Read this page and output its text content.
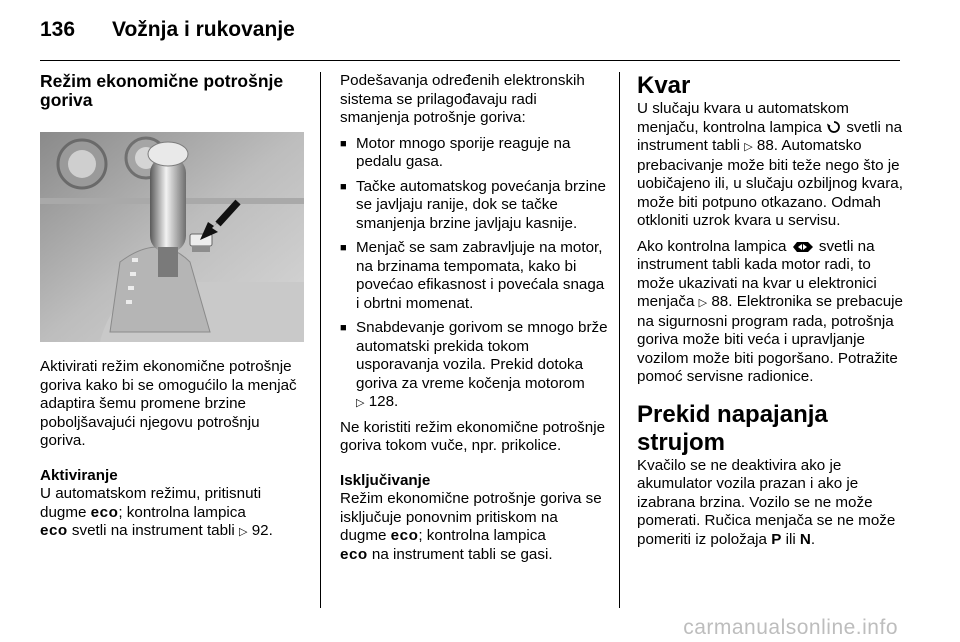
136 Vožnja i rukovanje
Režim ekonomične potrošnje goriva

Aktivirati režim ekonomične potrošnje goriva kako bi se omogućilo la menjač adaptira šemu promene brzine poboljšavajući njegovu potrošnju goriva.

Aktiviranje

U automatskom režimu, pritisnuti dugme eco; kontrolna lampica
eco svetli na instrument tabli ▷ 92.

Podešavanja određenih elektronskih sistema se prilagođavaju radi smanjenja potrošnje goriva:

■ Motor mnogo sporije reaguje na pedalu gasa.
■ Tačke automatskog povećanja brzine se javljaju ranije, dok se tačke smanjenja brzine javljaju kasnije.
■ Menjač se sam zabravljuje na motor, na brzinama tempomata, kako bi povećao efikasnost i povećala snaga i obrtni momenat.
■ Snabdevanje gorivom se mnogo brže automatski prekida tokom usporavanja vozila. Prekid dotoka goriva za vreme kočenja motorom
▷ 128.

Ne koristiti režim ekonomične potrošnje goriva tokom vuče, npr. prikolice.

Isključivanje

Režim ekonomične potrošnje goriva se isključuje ponovnim pritiskom na dugme eco; kontrolna lampica
eco na instrument tabli se gasi.

Kvar

U slučaju kvara u automatskom menjaču, kontrolna lampica  svetli na instrument tabli ▷ 88. Automatsko prebacivanje može biti teže nego što je uobičajeno ili, u slučaju ozbiljnog kvara, može biti potpuno otkazano. Odmah otkloniti uzrok kvara u servisu.

Ako kontrolna lampica  svetli na instrument tabli kada motor radi, to može ukazivati na kvar u elektronici menjača ▷ 88. Elektronika se prebacuje na sigurnosni program rada, potrošnja goriva može biti veća i upravljanje vozilom može biti pogoršano. Potražite pomoć servisne radionice.

Prekid napajanja strujom

Kvačilo se ne deaktivira ako je akumulator vozila prazan i ako je izabrana brzina. Vozilo se ne može pomerati. Ručica menjača se ne može pomeriti iz položaja P ili N.

carmanualsonline.info
